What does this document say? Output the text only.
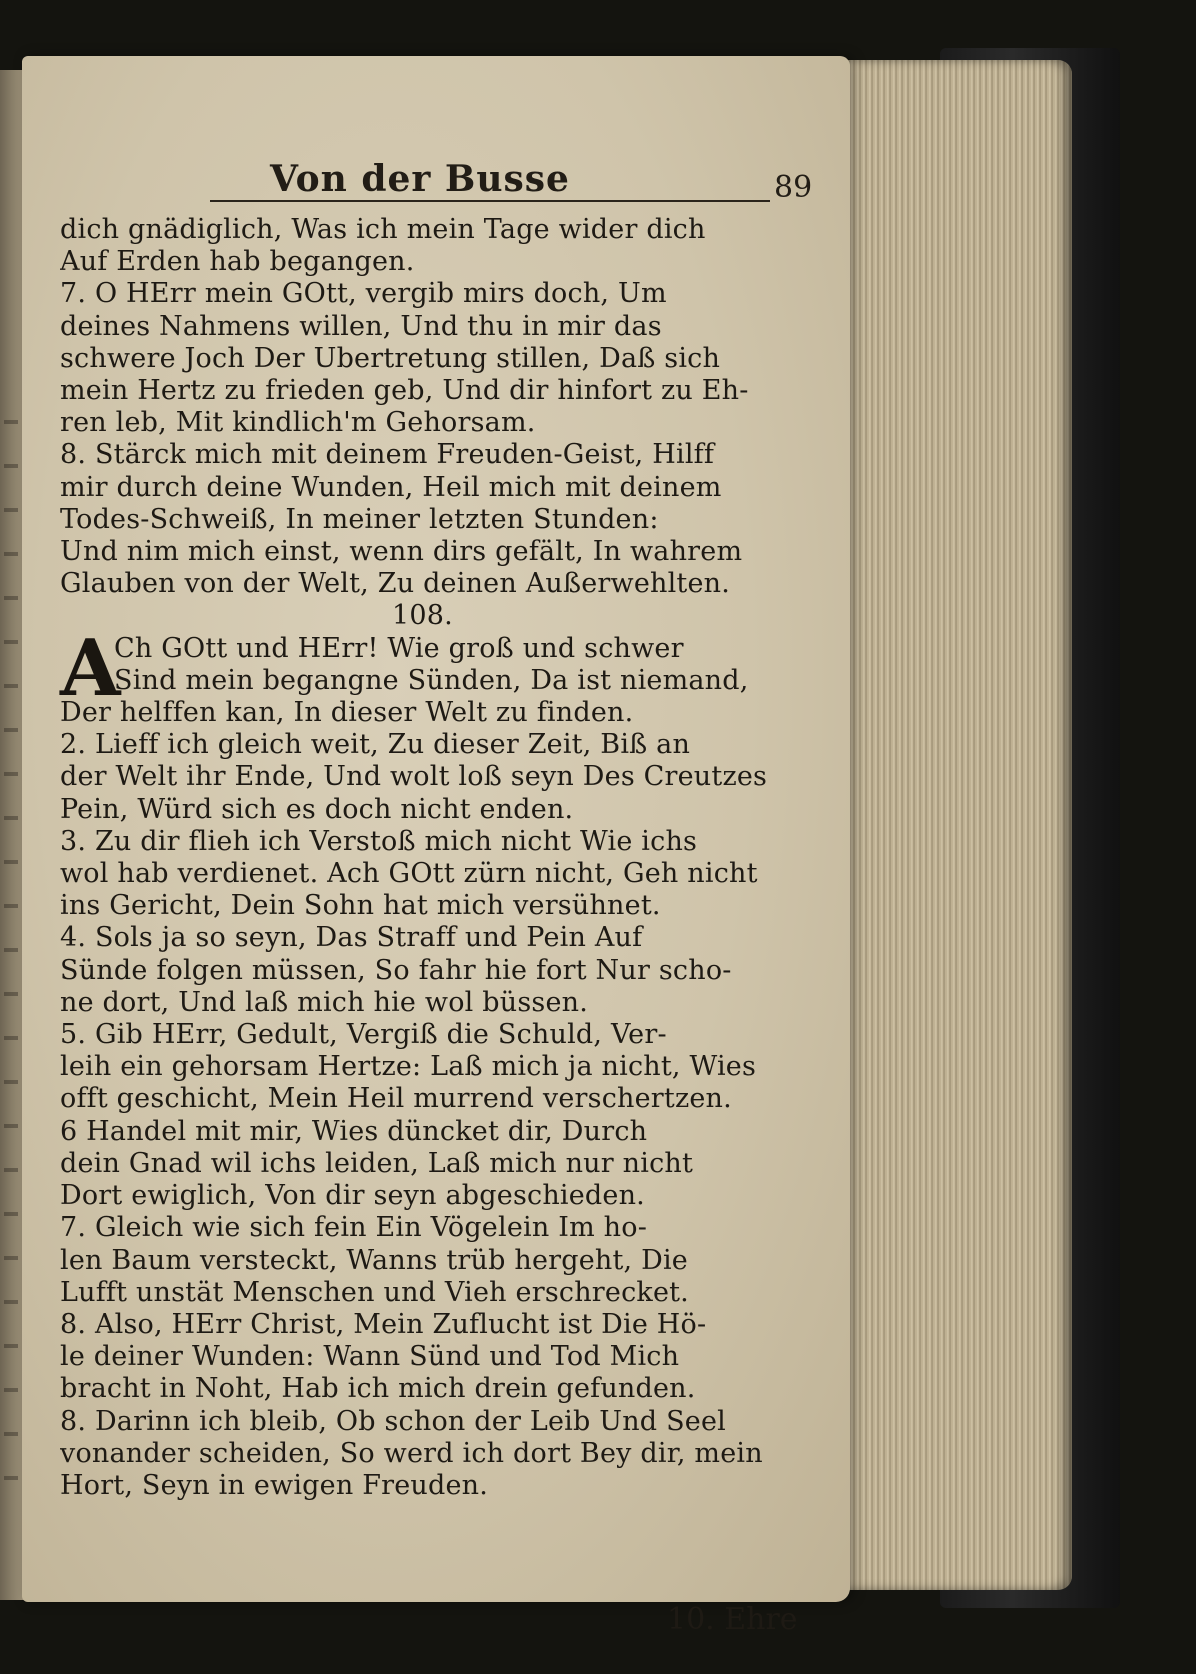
Von der Busse	89
dich gnädiglich, Was ich mein Tage wider dich
Auf Erden hab begangen.
7. O HErr mein GOtt, vergib mirs doch, Um
deines Nahmens willen, Und thu in mir das
schwere Joch Der Ubertretung stillen, Daß sich
mein Hertz zu frieden geb, Und dir hinfort zu Eh-
ren leb, Mit kindlich'm Gehorsam.
8. Stärck mich mit deinem Freuden-Geist, Hilff
mir durch deine Wunden, Heil mich mit deinem
Todes-Schweiß, In meiner letzten Stunden:
Und nim mich einst, wenn dirs gefält, In wahrem
Glauben von der Welt, Zu deinen Außerwehlten.
108.
A
Ch GOtt und HErr! Wie groß und schwer
Sind mein begangne Sünden, Da ist niemand,
Der helffen kan, In dieser Welt zu finden.
2. Lieff ich gleich weit, Zu dieser Zeit, Biß an
der Welt ihr Ende, Und wolt loß seyn Des Creutzes
Pein, Würd sich es doch nicht enden.
3. Zu dir flieh ich Verstoß mich nicht Wie ichs
wol hab verdienet. Ach GOtt zürn nicht, Geh nicht
ins Gericht, Dein Sohn hat mich versühnet.
4. Sols ja so seyn, Das Straff und Pein Auf
Sünde folgen müssen, So fahr hie fort Nur scho-
ne dort, Und laß mich hie wol büssen.
5. Gib HErr, Gedult, Vergiß die Schuld, Ver-
leih ein gehorsam Hertze: Laß mich ja nicht, Wies
offt geschicht, Mein Heil murrend verschertzen.
6 Handel mit mir, Wies düncket dir, Durch
dein Gnad wil ichs leiden, Laß mich nur nicht
Dort ewiglich, Von dir seyn abgeschieden.
7. Gleich wie sich fein Ein Vögelein Im ho-
len Baum versteckt, Wanns trüb hergeht, Die
Lufft unstät Menschen und Vieh erschrecket.
8. Also, HErr Christ, Mein Zuflucht ist Die Hö-
le deiner Wunden: Wann Sünd und Tod Mich
bracht in Noht, Hab ich mich drein gefunden.
8. Darinn ich bleib, Ob schon der Leib Und Seel
vonander scheiden, So werd ich dort Bey dir, mein
Hort, Seyn in ewigen Freuden.
10. Ehre
